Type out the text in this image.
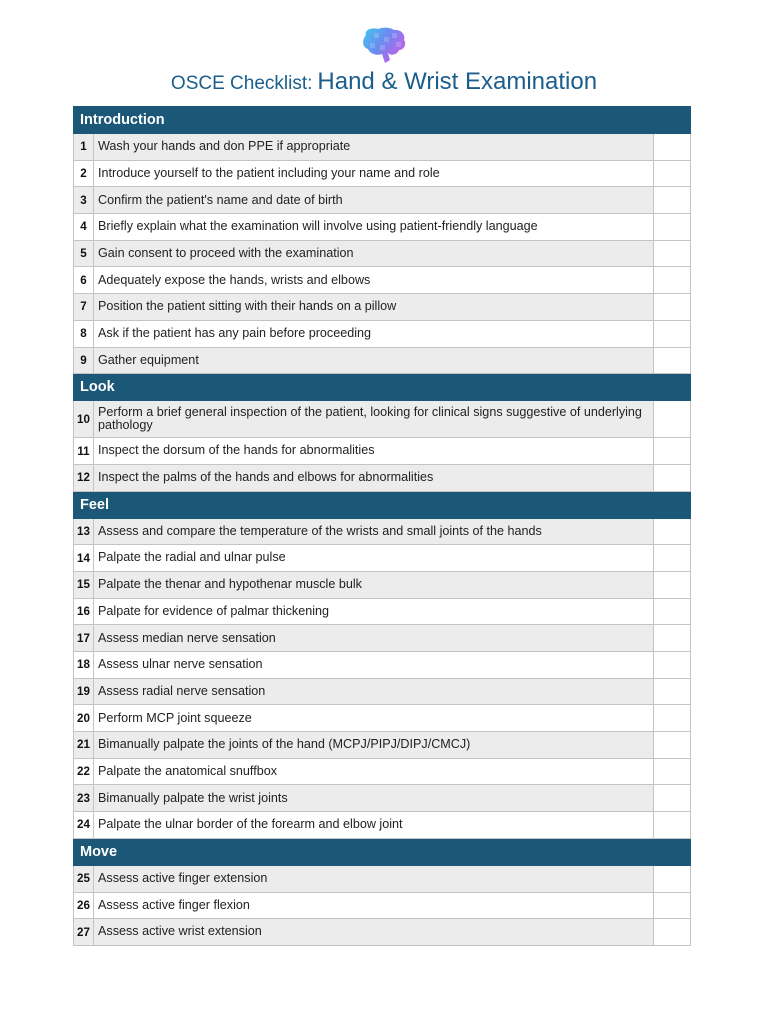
OSCE Checklist: Hand & Wrist Examination
Introduction		
1	Wash your hands and don PPE if appropriate	
2	Introduce yourself to the patient including your name and role	
3	Confirm the patient's name and date of birth	
4	Briefly explain what the examination will involve using patient-friendly language	
5	Gain consent to proceed with the examination	
6	Adequately expose the hands, wrists and elbows	
7	Position the patient sitting with their hands on a pillow	
8	Ask if the patient has any pain before proceeding	
9	Gather equipment	
Look		
10	Perform a brief general inspection of the patient, looking for clinical signs suggestive of underlying pathology	
11	Inspect the dorsum of the hands for abnormalities	
12	Inspect the palms of the hands and elbows for abnormalities	
Feel		
13	Assess and compare the temperature of the wrists and small joints of the hands	
14	Palpate the radial and ulnar pulse	
15	Palpate the thenar and hypothenar muscle bulk	
16	Palpate for evidence of palmar thickening	
17	Assess median nerve sensation	
18	Assess ulnar nerve sensation	
19	Assess radial nerve sensation	
20	Perform MCP joint squeeze	
21	Bimanually palpate the joints of the hand (MCPJ/PIPJ/DIPJ/CMCJ)	
22	Palpate the anatomical snuffbox	
23	Bimanually palpate the wrist joints	
24	Palpate the ulnar border of the forearm and elbow joint	
Move		
25	Assess active finger extension	
26	Assess active finger flexion	
27	Assess active wrist extension	
